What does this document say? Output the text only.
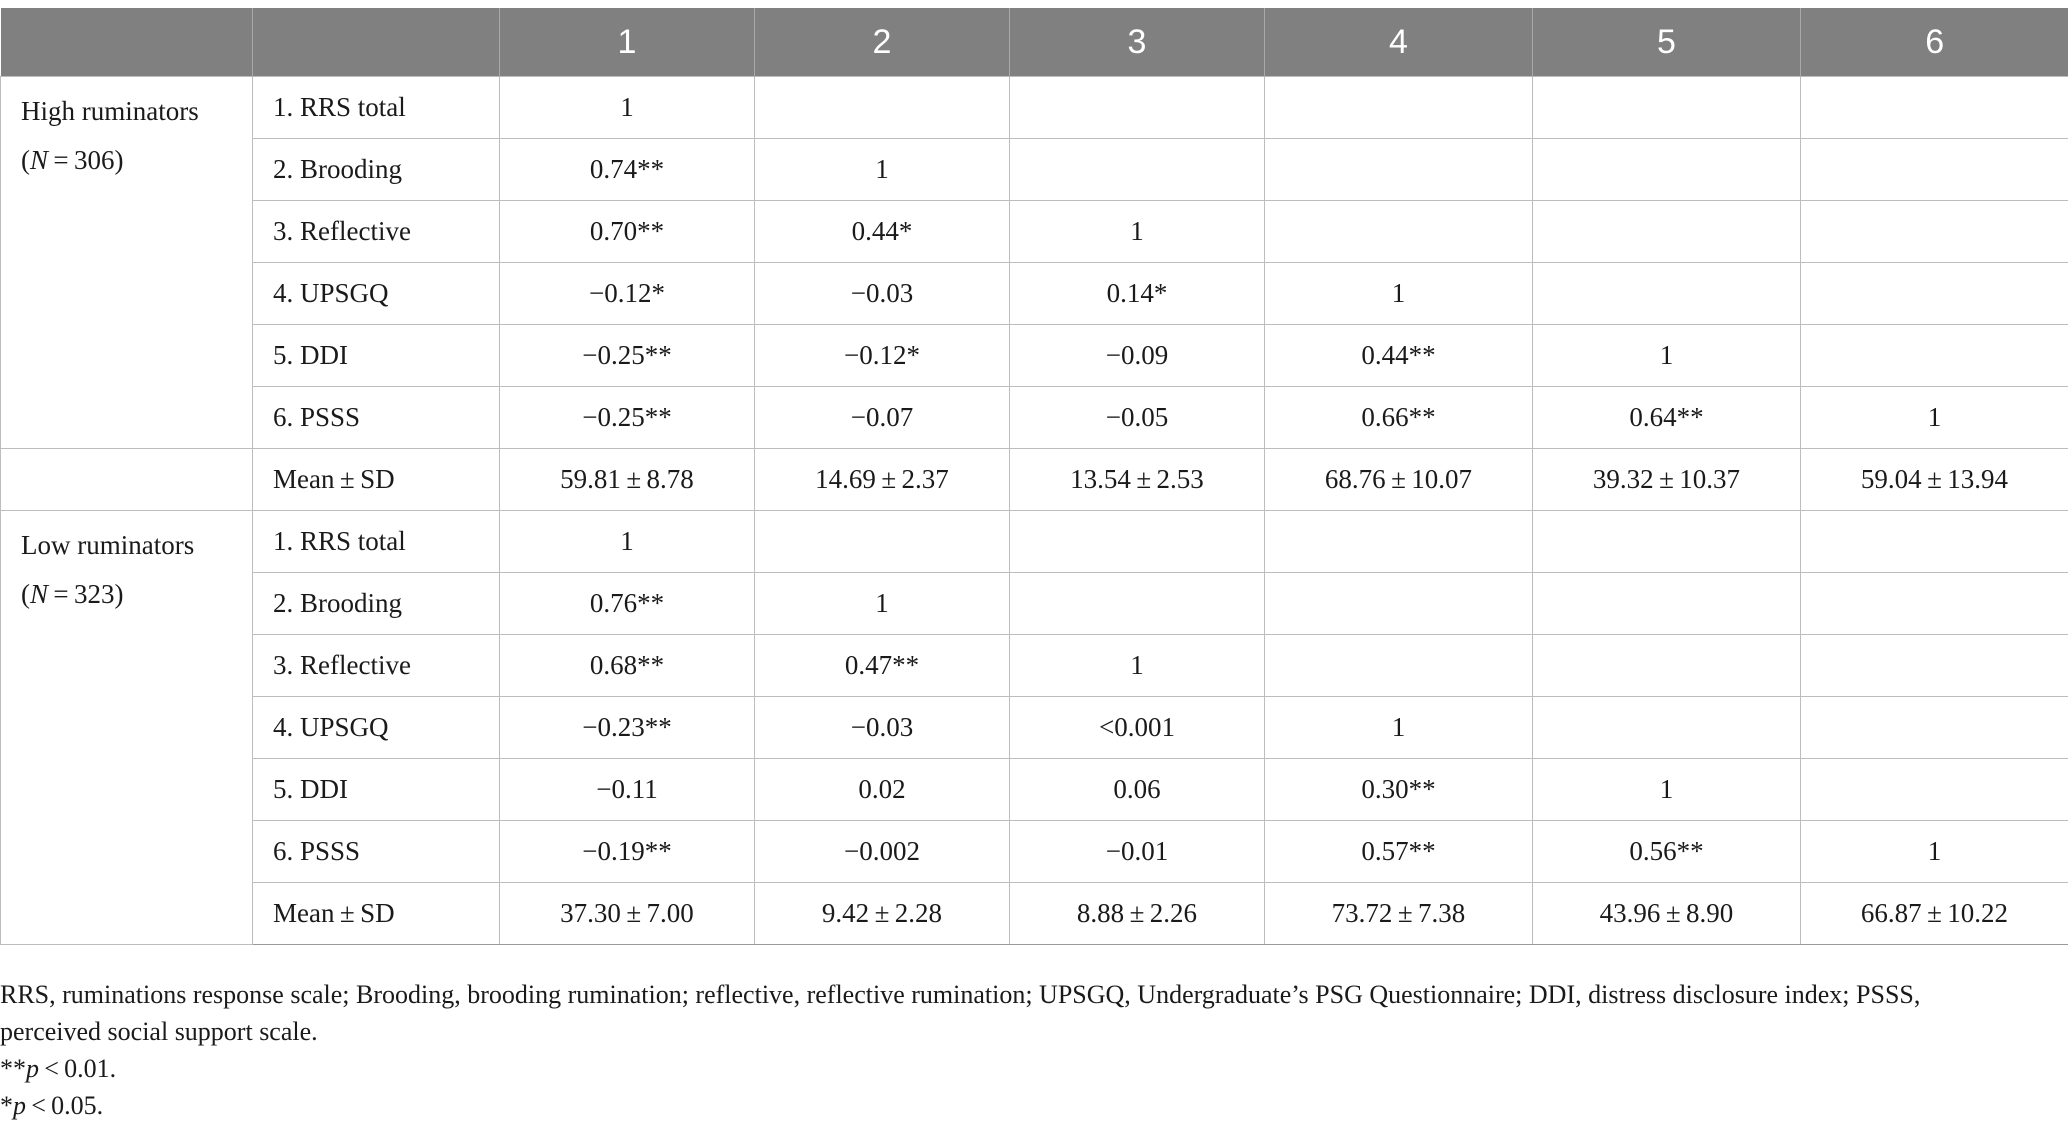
		1	2	3	4	5	6

High ruminators
(N = 306)	1. RRS total	1					
	2. Brooding	0.74**	1				
	3. Reflective	0.70**	0.44*	1			
	4. UPSGQ	−0.12*	−0.03	0.14*	1		
	5. DDI	−0.25**	−0.12*	−0.09	0.44**	1	
	6. PSSS	−0.25**	−0.07	−0.05	0.66**	0.64**	1
	Mean ± SD	59.81 ± 8.78	14.69 ± 2.37	13.54 ± 2.53	68.76 ± 10.07	39.32 ± 10.37	59.04 ± 13.94

Low ruminators
(N = 323)	1. RRS total	1					
	2. Brooding	0.76**	1				
	3. Reflective	0.68**	0.47**	1			
	4. UPSGQ	−0.23**	−0.03	<0.001	1		
	5. DDI	−0.11	0.02	0.06	0.30**	1	
	6. PSSS	−0.19**	−0.002	−0.01	0.57**	0.56**	1
	Mean ± SD	37.30 ± 7.00	9.42 ± 2.28	8.88 ± 2.26	73.72 ± 7.38	43.96 ± 8.90	66.87 ± 10.22

RRS, ruminations response scale; Brooding, brooding rumination; reflective, reflective rumination; UPSGQ, Undergraduate’s PSG Questionnaire; DDI, distress disclosure index; PSSS, perceived social support scale.

**p < 0.01.

*p < 0.05.
